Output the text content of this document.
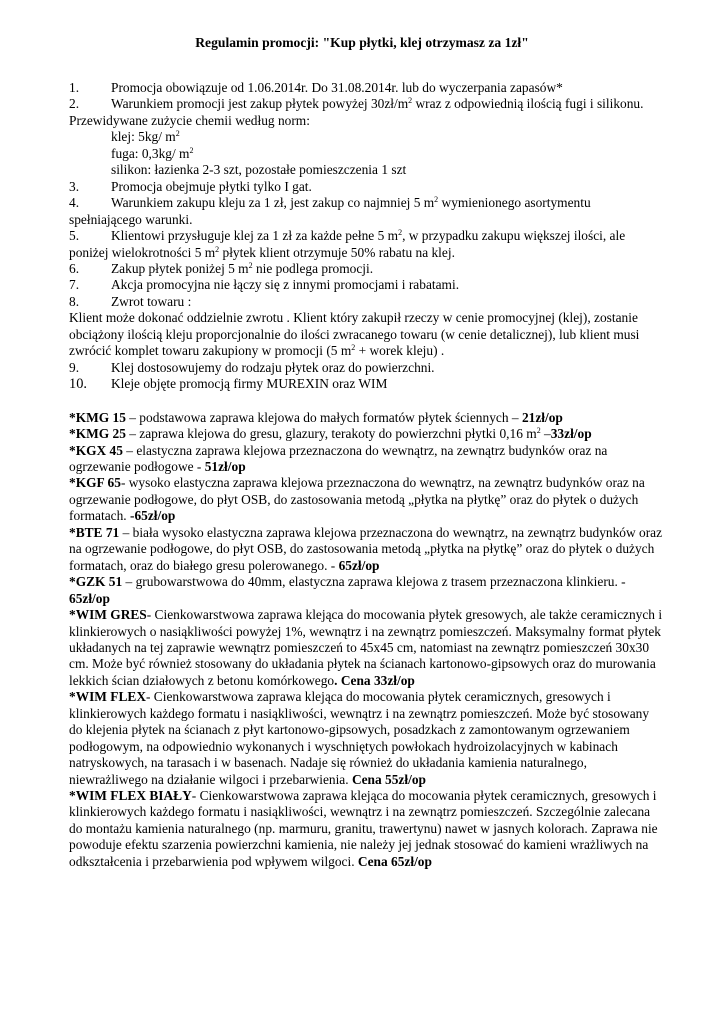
Regulamin promocji: "Kup płytki, klej otrzymasz za 1zł"

1. Promocja obowiązuje od 1.06.2014r. Do 31.08.2014r. lub do wyczerpania zapasów*

2. Warunkiem promocji jest zakup płytek powyżej $30zł/m^2$ wraz z odpowiednią ilością fugi i silikonu.

Przewidywane zużycie chemii według norm:

klej: 5kg/ $m^2$

fuga: 0,3kg/ $m^2$

silikon: łazienka 2-3 szt, pozostałe pomieszczenia 1 szt

3. Promocja obejmuje płytki tylko I gat.

4. Warunkiem zakupu kleju za 1 zł, jest zakup co najmniej 5 $m^2$ wymienionego asortymentu spełniającego warunki.

5. Klientowi przysługuje klej za 1 zł za każde pełne 5 $m^2$, w przypadku zakupu większej ilości, ale poniżej wielokrotności 5 $m^2$ płytek klient otrzymuje 50% rabatu na klej.

6. Zakup płytek poniżej 5 $m^2$ nie podlega promocji.

7. Akcja promocyjna nie łączy się z innymi promocjami i rabatami.

8. Zwrot towaru :

Klient może dokonać oddzielnie zwrotu . Klient który zakupił rzeczy w cenie promocyjnej (klej), zostanie obciążony ilością kleju proporcjonalnie do ilości zwracanego towaru (w cenie detalicznej), lub klient musi zwrócić komplet towaru zakupiony w promocji (5 $m^2$ + worek kleju) .

9. Klej dostosowujemy do rodzaju płytek oraz do powierzchni.

10. Kleje objęte promocją firmy MUREXIN oraz WIM

*KMG 15 – podstawowa zaprawa klejowa do małych formatów płytek ściennych – 21zł/op

*KMG 25 – zaprawa klejowa do gresu, glazury, terakoty do powierzchni płytki 0,16 $m^2$ –33zł/op

*KGX 45 – elastyczna zaprawa klejowa przeznaczona do wewnątrz, na zewnątrz budynków oraz na ogrzewanie podłogowe - 51zł/op

*KGF 65- wysoko elastyczna zaprawa klejowa przeznaczona do wewnątrz, na zewnątrz budynków oraz na ogrzewanie podłogowe, do płyt OSB, do zastosowania metodą „płytka na płytkę” oraz do płytek o dużych formatach. -65zł/op

*BTE 71 – biała wysoko elastyczna zaprawa klejowa przeznaczona do wewnątrz, na zewnątrz budynków oraz na ogrzewanie podłogowe, do płyt OSB, do zastosowania metodą „płytka na płytkę” oraz do płytek o dużych formatach, oraz do białego gresu polerowanego. - 65zł/op

*GZK 51 – grubowarstwowa do 40mm, elastyczna zaprawa klejowa z trasem przeznaczona klinkieru. - 65zł/op

*WIM GRES- Cienkowarstwowa zaprawa klejąca do mocowania płytek gresowych, ale także ceramicznych i klinkierowych o nasiąkliwości powyżej 1%, wewnątrz i na zewnątrz pomieszczeń. Maksymalny format płytek układanych na tej zaprawie wewnątrz pomieszczeń to 45x45 cm, natomiast na zewnątrz pomieszczeń 30x30 cm. Może być również stosowany do układania płytek na ścianach kartonowo-gipsowych oraz do murowania lekkich ścian działowych z betonu komórkowego. Cena 33zł/op

*WIM FLEX- Cienkowarstwowa zaprawa klejąca do mocowania płytek ceramicznych, gresowych i klinkierowych każdego formatu i nasiąkliwości, wewnątrz i na zewnątrz pomieszczeń. Może być stosowany do klejenia płytek na ścianach z płyt kartonowo-gipsowych, posadzkach z zamontowanym ogrzewaniem podłogowym, na odpowiednio wykonanych i wyschniętych powłokach hydroizolacyjnych w kabinach natryskowych, na tarasach i w basenach. Nadaje się również do układania kamienia naturalnego, niewrażliwego na działanie wilgoci i przebarwienia. Cena 55zł/op

*WIM FLEX BIAŁY- Cienkowarstwowa zaprawa klejąca do mocowania płytek ceramicznych, gresowych i klinkierowych każdego formatu i nasiąkliwości, wewnątrz i na zewnątrz pomieszczeń. Szczególnie zalecana do montażu kamienia naturalnego (np. marmuru, granitu, trawertynu) nawet w jasnych kolorach. Zaprawa nie powoduje efektu szarzenia powierzchni kamienia, nie należy jej jednak stosować do kamieni wrażliwych na odkształcenia i przebarwienia pod wpływem wilgoci. Cena 65zł/op
